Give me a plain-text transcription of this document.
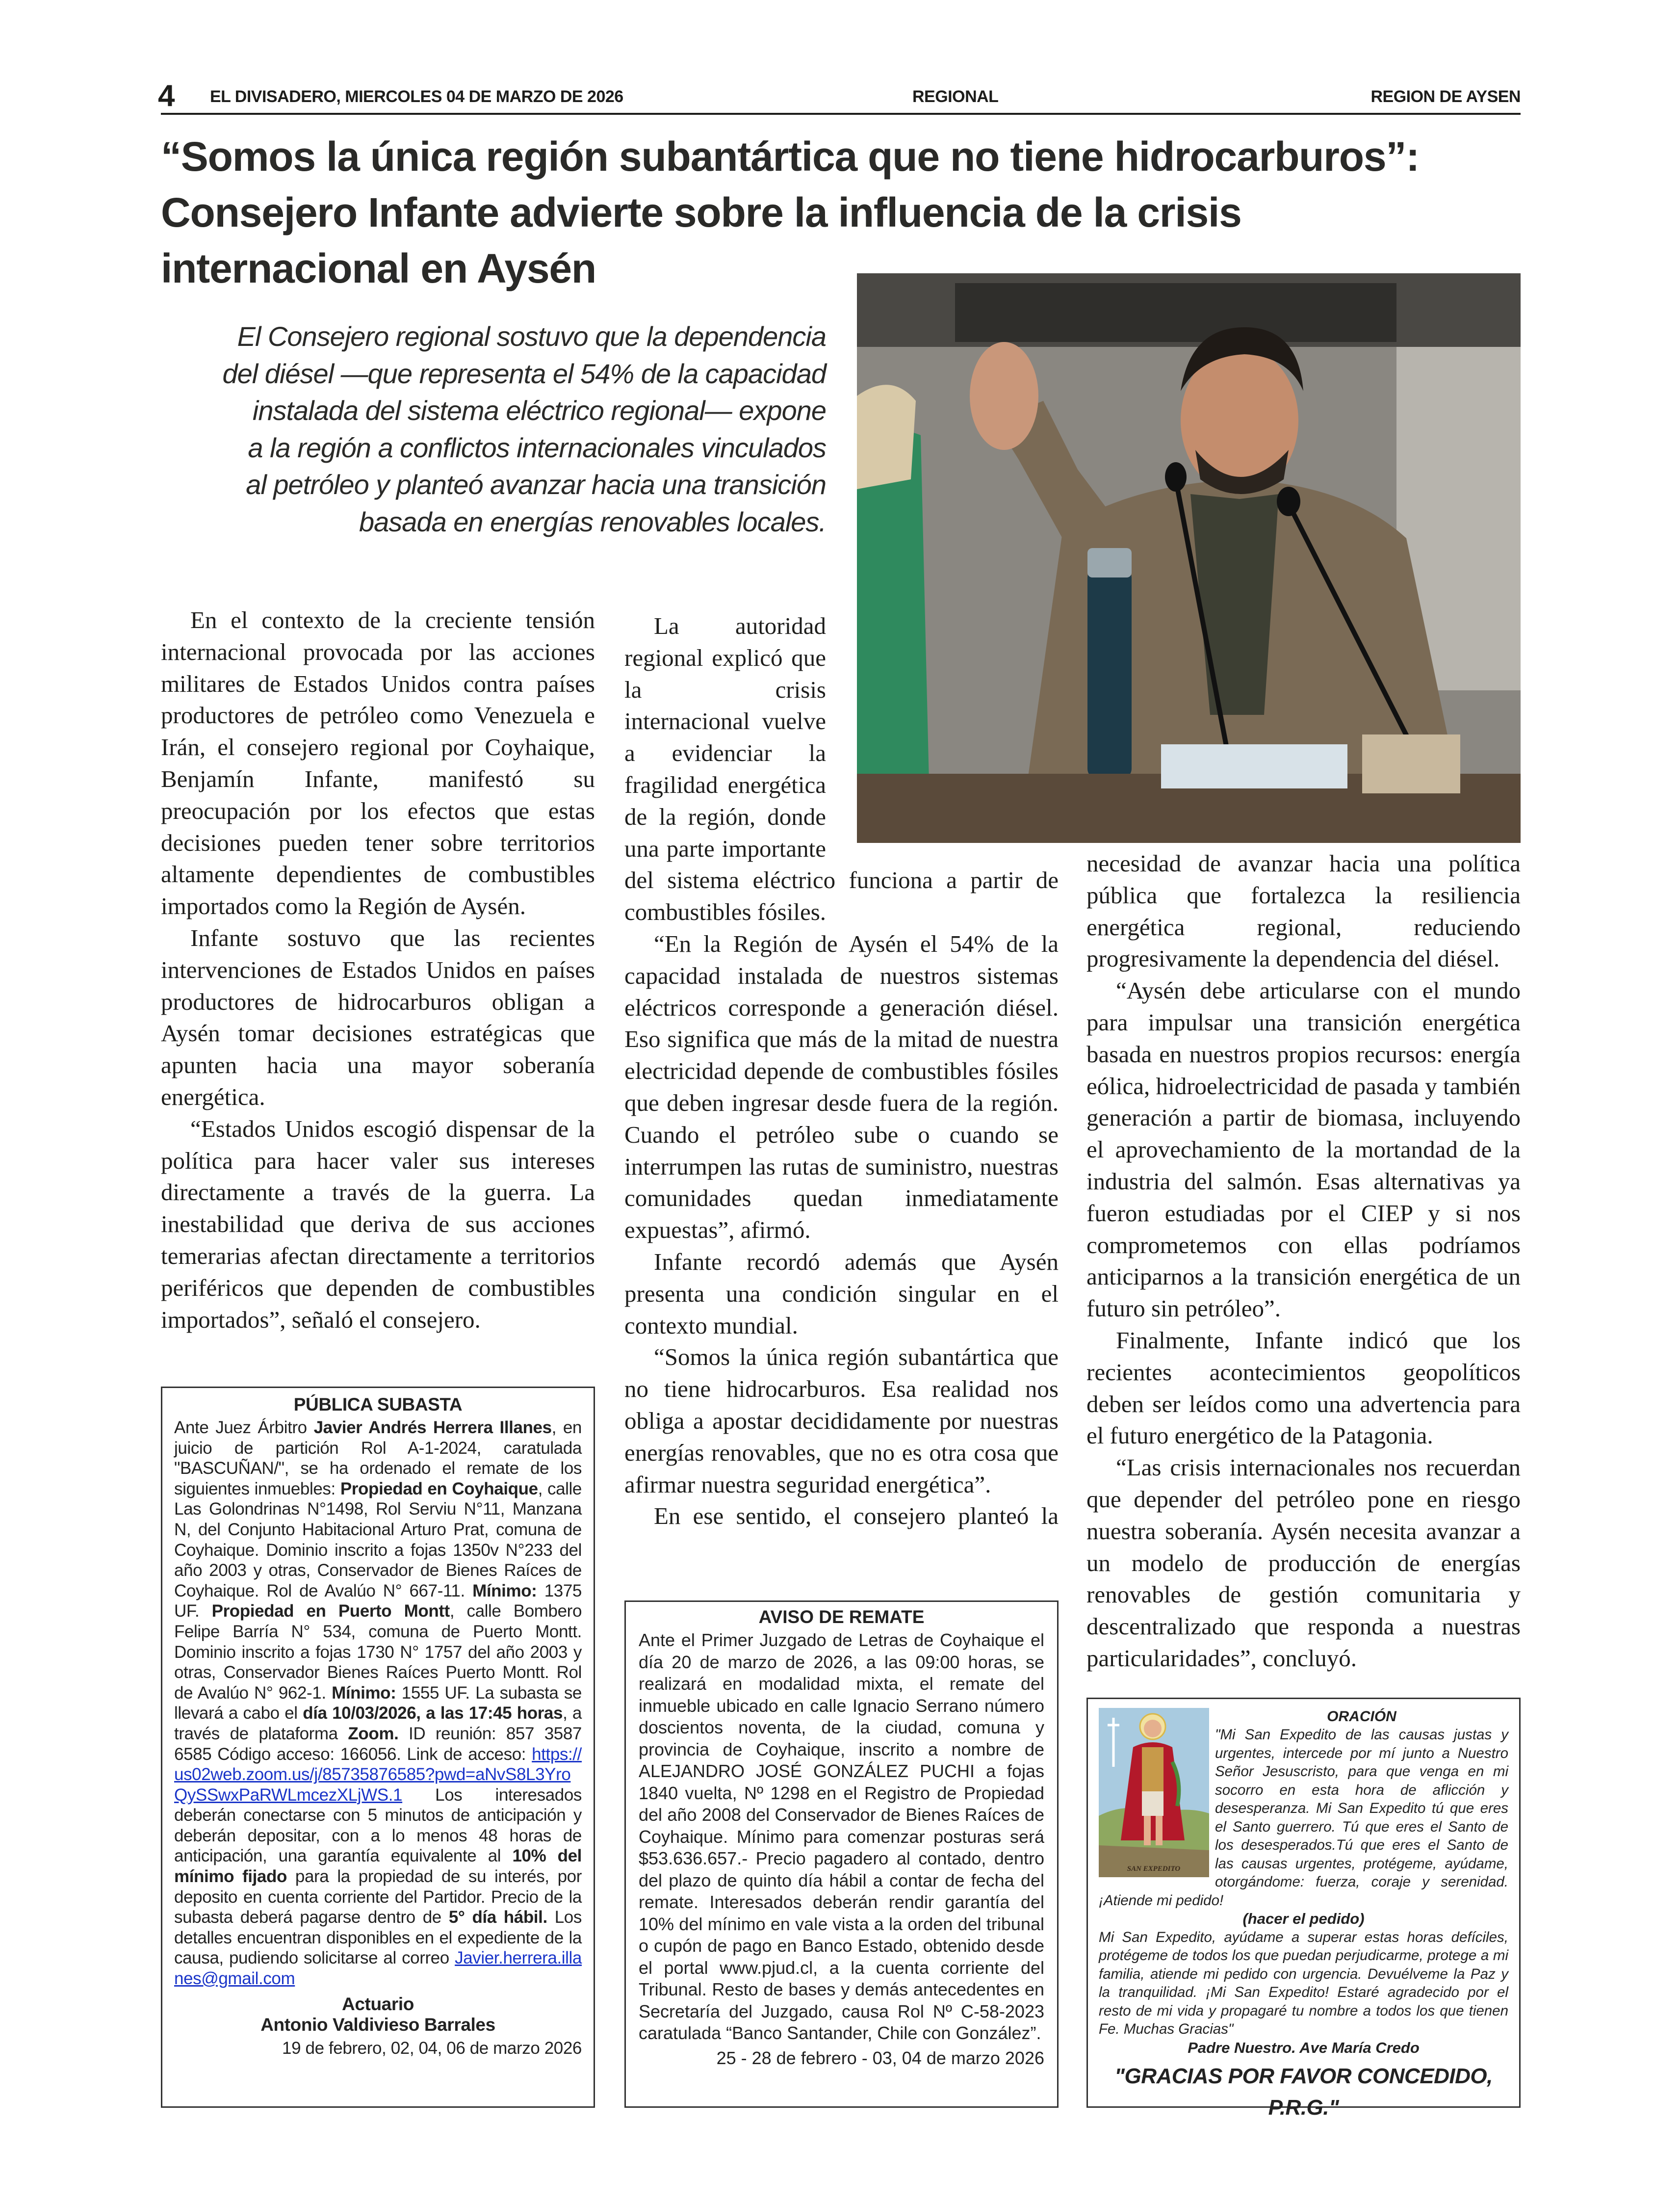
4 EL DIVISADERO, MIERCOLES 04 DE MARZO DE 2026	REGIONAL	REGION DE AYSEN
“Somos la única región subantártica que no tiene hidrocarburos”:
Consejero Infante advierte sobre la influencia de la crisis
internacional en Aysén
El Consejero regional sostuvo que la dependencia
del diésel —que representa el 54% de la capacidad
instalada del sistema eléctrico regional— expone
a la región a conflictos internacionales vinculados
al petróleo y planteó avanzar hacia una transición
basada en energías renovables locales.

En el contexto de la creciente tensión internacional provocada por las acciones militares de Estados Unidos contra países productores de petróleo como Venezuela e Irán, el consejero regional por Coyhaique, Benjamín Infante, manifestó su preocupación por los efectos que estas decisiones pueden tener sobre territorios altamente dependientes de combustibles importados como la Región de Aysén.

Infante sostuvo que las recientes intervenciones de Estados Unidos en países productores de hidrocarburos obligan a Aysén tomar decisiones estratégicas que apunten hacia una mayor soberanía energética.

“Estados Unidos escogió dispensar de la política para hacer valer sus intereses directamente a través de la guerra. La inestabilidad que deriva de sus acciones temerarias afectan directamente a territorios periféricos que dependen de combustibles importados”, señaló el consejero.

La autoridad regional explicó que la crisis internacional vuelve a evidenciar la fragilidad energética de la región, donde una parte importante del sistema eléctrico funciona a partir de combustibles fósiles.

“En la Región de Aysén el 54% de la capacidad instalada de nuestros sistemas eléctricos corresponde a generación diésel. Eso significa que más de la mitad de nuestra electricidad depende de combustibles fósiles que deben ingresar desde fuera de la región. Cuando el petróleo sube o cuando se interrumpen las rutas de suministro, nuestras comunidades quedan inmediatamente expuestas”, afirmó.

Infante recordó además que Aysén presenta una condición singular en el contexto mundial.

“Somos la única región subantártica que no tiene hidrocarburos. Esa realidad nos obliga a apostar decididamente por nuestras energías renovables, que no es otra cosa que afirmar nuestra seguridad energética”.

En ese sentido, el consejero planteó la

necesidad de avanzar hacia una política pública que fortalezca la resiliencia energética regional, reduciendo progresivamente la dependencia del diésel.

“Aysén debe articularse con el mundo para impulsar una transición energética basada en nuestros propios recursos: energía eólica, hidroelectricidad de pasada y también generación a partir de biomasa, incluyendo el aprovechamiento de la mortandad de la industria del salmón. Esas alternativas ya fueron estudiadas por el CIEP y si nos comprometemos con ellas podríamos anticiparnos a la transición energética de un futuro sin petróleo”.

Finalmente, Infante indicó que los recientes acontecimientos geopolíticos deben ser leídos como una advertencia para el futuro energético de la Patagonia.

“Las crisis internacionales nos recuerdan que depender del petróleo pone en riesgo nuestra soberanía. Aysén necesita avanzar a un modelo de producción de energías renovables de gestión comunitaria y descentralizado que responda a nuestras particularidades”, concluyó.

PÚBLICA SUBASTA
Ante Juez Árbitro Javier Andrés Herrera Illanes, en juicio de partición Rol A-1-2024, caratulada "BASCUÑAN/", se ha ordenado el remate de los siguientes inmuebles: Propiedad en Coyhaique, calle Las Golondrinas N°1498, Rol Serviu N°11, Manzana N, del Conjunto Habitacional Arturo Prat, comuna de Coyhaique. Dominio inscrito a fojas 1350v N°233 del año 2003 y otras, Conservador de Bienes Raíces de Coyhaique. Rol de Avalúo N° 667-11. Mínimo: 1375 UF. Propiedad en Puerto Montt, calle Bombero Felipe Barría N° 534, comuna de Puerto Montt. Dominio inscrito a fojas 1730 N° 1757 del año 2003 y otras, Conservador Bienes Raíces Puerto Montt. Rol de Avalúo N° 962-1. Mínimo: 1555 UF. La subasta se llevará a cabo el día 10/03/2026, a las 17:45 horas, a través de plataforma Zoom. ID reunión: 857 3587 6585 Código acceso: 166056. Link de acceso: https://us02web.zoom.us/j/85735876585?pwd=aNvS8L3YroQySSwxPaRWLmcezXLjWS.1 Los interesados deberán conectarse con 5 minutos de anticipación y deberán depositar, con a lo menos 48 horas de anticipación, una garantía equivalente al 10% del mínimo fijado para la propiedad de su interés, por deposito en cuenta corriente del Partidor. Precio de la subasta deberá pagarse dentro de 5° día hábil. Los detalles encuentran disponibles en el expediente de la causa, pudiendo solicitarse al correo Javier.herrera.illanes@gmail.com
Actuario
Antonio Valdivieso Barrales
19 de febrero, 02, 04, 06 de marzo 2026
AVISO DE REMATE
Ante el Primer Juzgado de Letras de Coyhaique el día 20 de marzo de 2026, a las 09:00 horas, se realizará en modalidad mixta, el remate del inmueble ubicado en calle Ignacio Serrano número doscientos noventa, de la ciudad, comuna y provincia de Coyhaique, inscrito a nombre de ALEJANDRO JOSÉ GONZÁLEZ PUCHI a fojas 1840 vuelta, Nº 1298 en el Registro de Propiedad del año 2008 del Conservador de Bienes Raíces de Coyhaique. Mínimo para comenzar posturas será $53.636.657.- Precio pagadero al contado, dentro del plazo de quinto día hábil a contar de fecha del remate. Interesados deberán rendir garantía del 10% del mínimo en vale vista a la orden del tribunal o cupón de pago en Banco Estado, obtenido desde el portal www.pjud.cl, a la cuenta corriente del Tribunal. Resto de bases y demás antecedentes en Secretaría del Juzgado, causa Rol Nº C-58-2023 caratulada “Banco Santander, Chile con González”.
25 - 28 de febrero - 03, 04 de marzo 2026
SAN EXPEDITO
ORACIÓN
"Mi San Expedito de las causas justas y urgentes, intercede por mí junto a Nuestro Señor Jesuscristo, para que venga en mi socorro en esta hora de aflicción y desesperanza. Mi San Expedito tú que eres el Santo guerrero. Tú que eres el Santo de los desesperados.Tú que eres el Santo de las causas urgentes, protégeme, ayúdame, otorgándome: fuerza, coraje y serenidad. ¡Atiende mi pedido!
(hacer el pedido)
Mi San Expedito, ayúdame a superar estas horas defíciles, protégeme de todos los que puedan perjudicarme, protege a mi familia, atiende mi pedido con urgencia. Devuélveme la Paz y la tranquilidad. ¡Mi San Expedito! Estaré agradecido por el resto de mi vida y propagaré tu nombre a todos los que tienen Fe. Muchas Gracias"
Padre Nuestro. Ave María Credo
"GRACIAS POR FAVOR CONCEDIDO, P.R.G."
